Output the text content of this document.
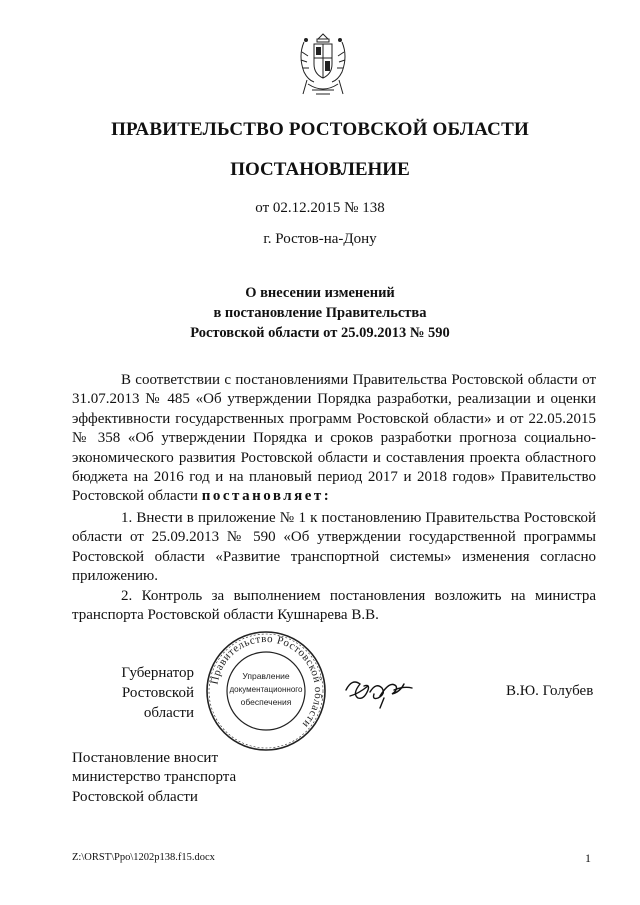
ПРАВИТЕЛЬСТВО РОСТОВСКОЙ ОБЛАСТИ
ПОСТАНОВЛЕНИЕ
от 02.12.2015 № 138
г. Ростов-на-Дону
О внесении изменений
в постановление Правительства
Ростовской области от 25.09.2013 № 590

В соответствии с постановлениями Правительства Ростовской области от 31.07.2013 № 485 «Об утверждении Порядка разработки, реализации и оценки эффективности государственных программ Ростовской области» и от 22.05.2015 № 358 «Об утверждении Порядка и сроков разработки прогноза социально-экономического развития Ростовской области и составления проекта областного бюджета на 2016 год и на плановый период 2017 и 2018 годов» Правительство Ростовской области постановляет:

1. Внести в приложение № 1 к постановлению Правительства Ростовской области от 25.09.2013 № 590 «Об утверждении государственной программы Ростовской области «Развитие транспортной системы» изменения согласно приложению.

2. Контроль за выполнением постановления возложить на министра транспорта Ростовской области Кушнарева В.В.

Губернатор
Ростовской области
Правительство Ростовской области
Управление
документационного
обеспечения
В.Ю. Голубев
Постановление вносит
министерство транспорта
Ростовской области
Z:\ORST\Ppo\1202p138.f15.docx	1
